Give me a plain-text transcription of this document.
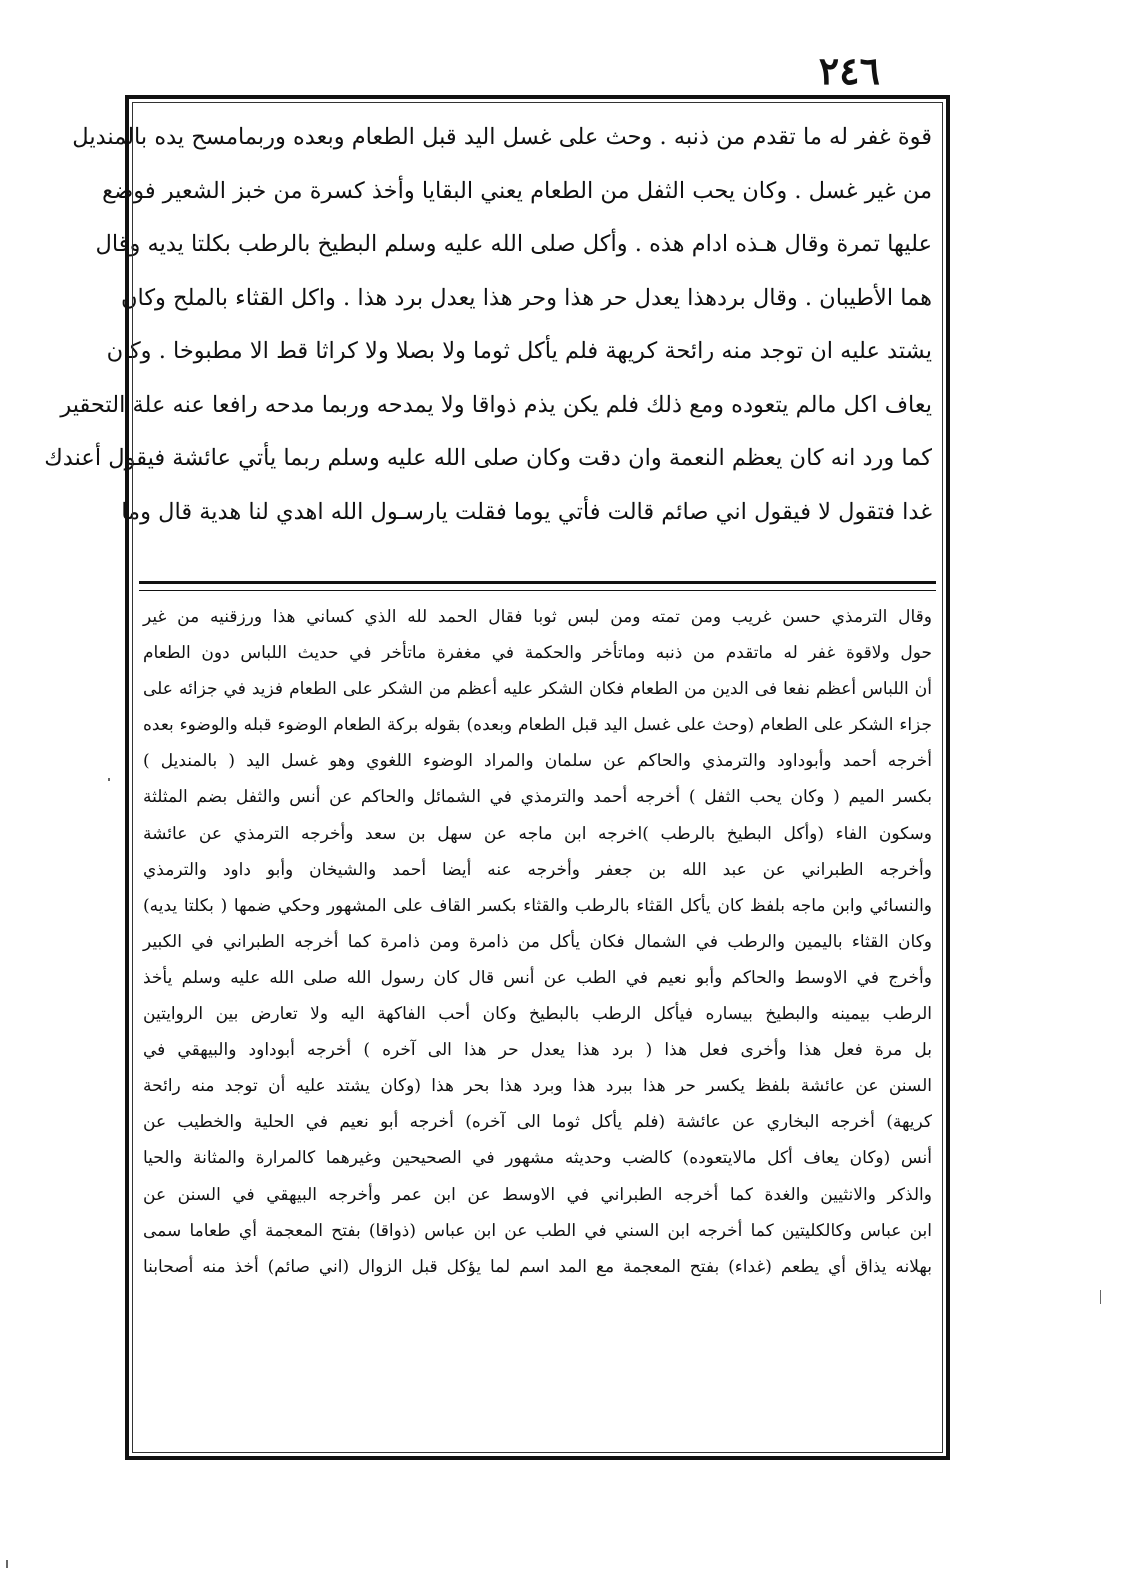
٢٤٦
قوة غفر له ما تقدم من ذنبه . وحث على غسل اليد قبل الطعام وبعده وربمامسح يده بالمنديل
من غير غسل . وكان يحب الثفل من الطعام يعني البقايا وأخذ كسرة من خبز الشعير فوضع
عليها تمرة وقال هـذه ادام هذه . وأكل صلى الله عليه وسلم البطيخ بالرطب بكلتا يديه وقال
هما الأطيبان . وقال بردهذا يعدل حر هذا وحر هذا يعدل برد هذا . واكل القثاء بالملح وكان
يشتد عليه ان توجد منه رائحة كريهة فلم يأكل ثوما ولا بصلا ولا كراثا قط الا مطبوخا . وكان
يعاف اكل مالم يتعوده ومع ذلك فلم يكن يذم ذواقا ولا يمدحه وربما مدحه رافعا عنه علة التحقير
كما ورد انه كان يعظم النعمة وان دقت وكان صلى الله عليه وسلم ربما يأتي عائشة فيقول أعندك
غدا فتقول لا فيقول اني صائم قالت فأتي يوما فقلت يارسـول الله اهدي لنا هدية قال وما
وقال الترمذي حسن غريب ومن تمته ومن لبس ثوبا فقال الحمد لله الذي كساني هذا ورزقنيه من غير
حول ولاقوة غفر له ماتقدم من ذنبه وماتأخر والحكمة في مغفرة ماتأخر في حديث اللباس دون الطعام
أن اللباس أعظم نفعا فى الدين من الطعام فكان الشكر عليه أعظم من الشكر على الطعام فزيد في جزائه على
جزاء الشكر على الطعام (وحث على غسل اليد قبل الطعام وبعده) بقوله بركة الطعام الوضوء قبله والوضوء بعده
أخرجه أحمد وأبوداود والترمذي والحاكم عن سلمان والمراد الوضوء اللغوي وهو غسل اليد ( بالمنديل )
بكسر الميم ( وكان يحب الثفل ) أخرجه أحمد والترمذي في الشمائل والحاكم عن أنس والثفل بضم المثلثة
وسكون الفاء (وأكل البطيخ بالرطب )اخرجه ابن ماجه عن سهل بن سعد وأخرجه الترمذي عن عائشة
وأخرجه الطبراني عن عبد الله بن جعفر وأخرجه عنه أيضا أحمد والشيخان وأبو داود والترمذي
والنسائي وابن ماجه بلفظ كان يأكل القثاء بالرطب والقثاء بكسر القاف على المشهور وحكي ضمها ( بكلتا يديه)
وكان القثاء باليمين والرطب في الشمال فكان يأكل من ذامرة ومن ذامرة كما أخرجه الطبراني في الكبير
وأخرج في الاوسط والحاكم وأبو نعيم في الطب عن أنس قال كان رسول الله صلى الله عليه وسلم يأخذ
الرطب بيمينه والبطيخ بيساره فيأكل الرطب بالبطيخ وكان أحب الفاكهة اليه ولا تعارض بين الروايتين
بل مرة فعل هذا وأخرى فعل هذا ( برد هذا يعدل حر هذا الى آخره ) أخرجه أبوداود والبيهقي في
السنن عن عائشة بلفظ يكسر حر هذا ببرد هذا وبرد هذا بحر هذا (وكان يشتد عليه أن توجد منه رائحة
كريهة) أخرجه البخاري عن عائشة (فلم يأكل ثوما الى آخره) أخرجه أبو نعيم في الحلية والخطيب عن
أنس (وكان يعاف أكل مالايتعوده) كالضب وحديثه مشهور في الصحيحين وغيرهما كالمرارة والمثانة والحيا
والذكر والانثيين والغدة كما أخرجه الطبراني في الاوسط عن ابن عمر وأخرجه البيهقي في السنن عن
ابن عباس وكالكليتين كما أخرجه ابن السني في الطب عن ابن عباس (ذواقا) بفتح المعجمة أي طعاما سمى
بهلانه يذاق أي يطعم (غداء) بفتح المعجمة مع المد اسم لما يؤكل قبل الزوال (اني صائم) أخذ منه أصحابنا
